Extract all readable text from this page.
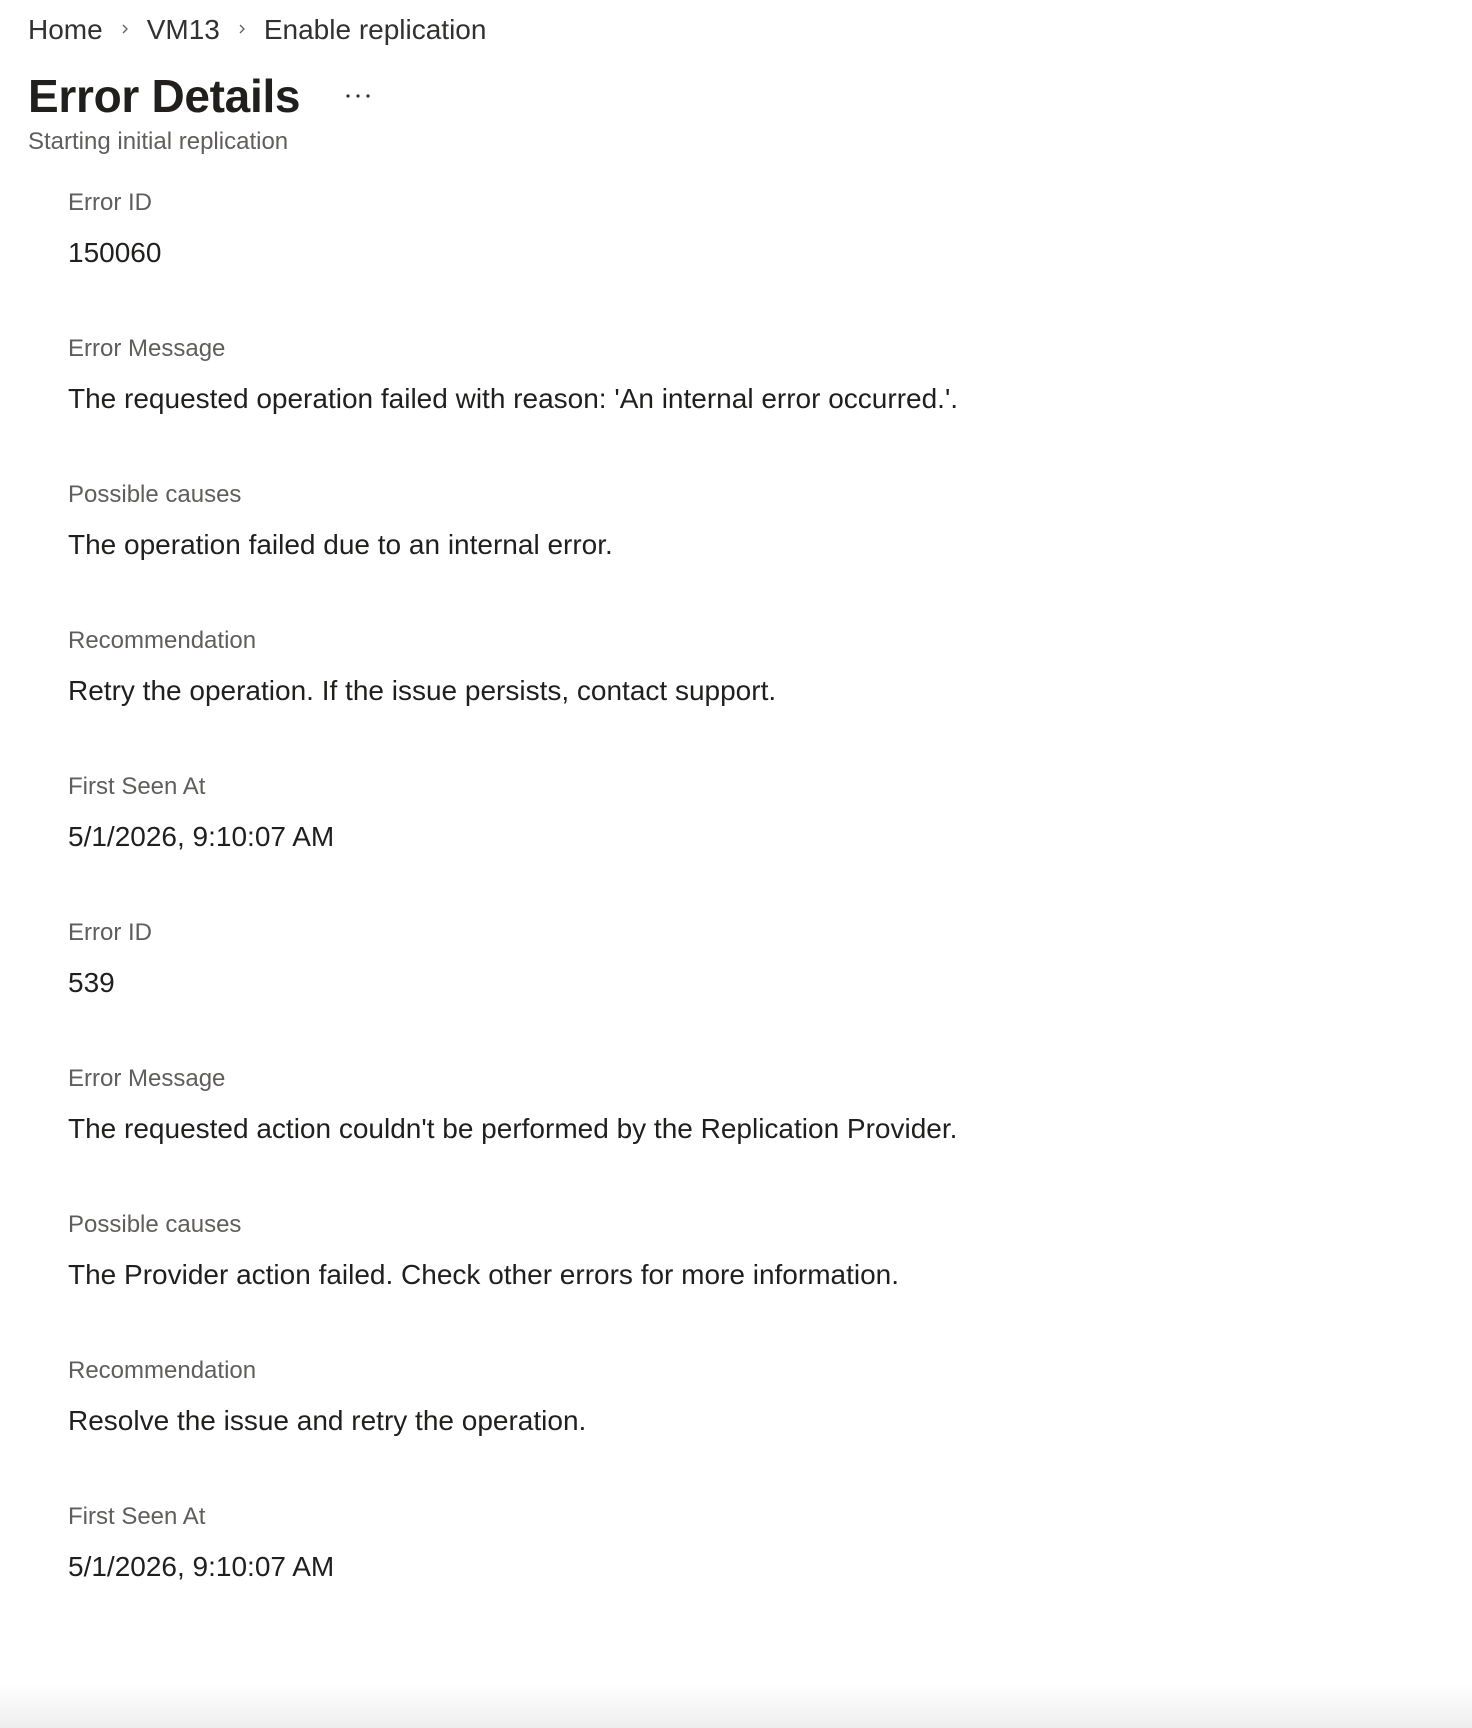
Home VM13 Enable replication
Error Details
Starting initial replication
Error ID
150060
Error Message
The requested operation failed with reason: 'An internal error occurred.'.
Possible causes
The operation failed due to an internal error.
Recommendation
Retry the operation. If the issue persists, contact support.
First Seen At
5/1/2026, 9:10:07 AM
Error ID
539
Error Message
The requested action couldn't be performed by the Replication Provider.
Possible causes
The Provider action failed. Check other errors for more information.
Recommendation
Resolve the issue and retry the operation.
First Seen At
5/1/2026, 9:10:07 AM
